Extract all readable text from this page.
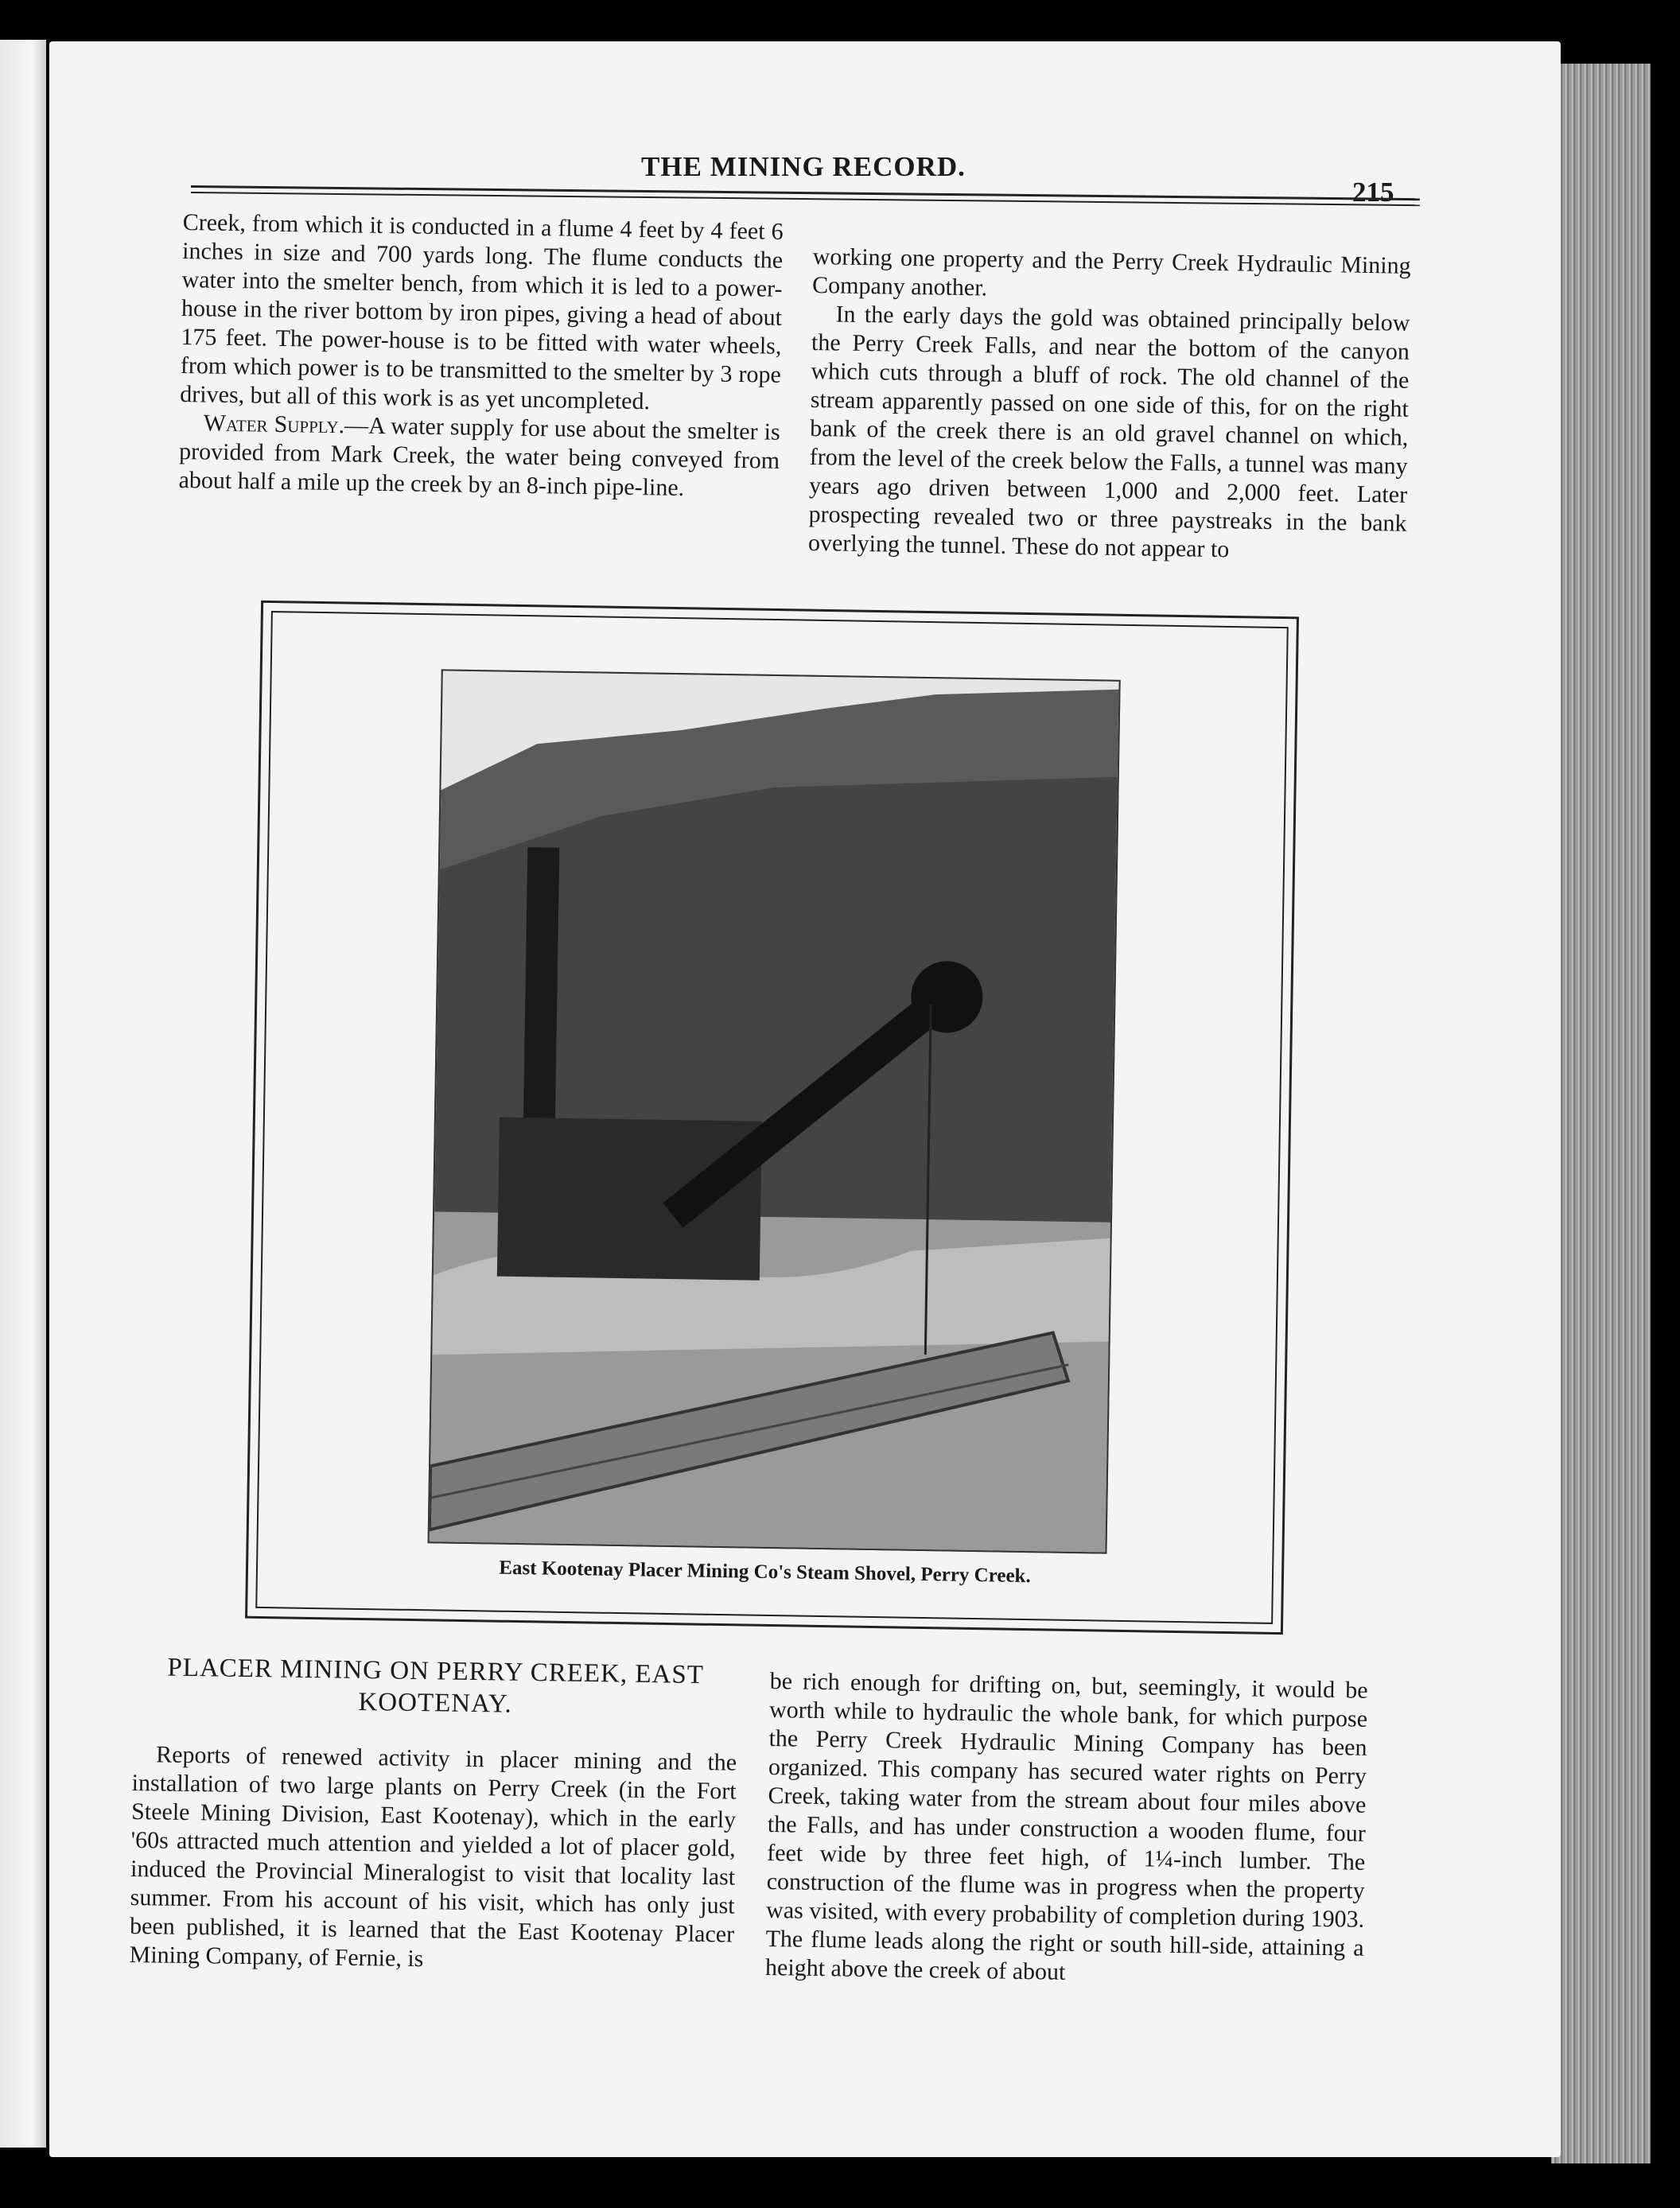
THE MINING RECORD.
215

Creek, from which it is conducted in a flume 4 feet by 4 feet 6 inches in size and 700 yards long. The flume conducts the water into the smelter bench, from which it is led to a power-house in the river bottom by iron pipes, giving a head of about 175 feet. The power-house is to be fitted with water wheels, from which power is to be transmitted to the smelter by 3 rope drives, but all of this work is as yet uncompleted.

Water Supply.—A water supply for use about the smelter is provided from Mark Creek, the water being conveyed from about half a mile up the creek by an 8-inch pipe-line.

working one property and the Perry Creek Hydraulic Mining Company another.

In the early days the gold was obtained principally below the Perry Creek Falls, and near the bottom of the canyon which cuts through a bluff of rock. The old channel of the stream apparently passed on one side of this, for on the right bank of the creek there is an old gravel channel on which, from the level of the creek below the Falls, a tunnel was many years ago driven between 1,000 and 2,000 feet. Later prospecting revealed two or three paystreaks in the bank overlying the tunnel. These do not appear to

East Kootenay Placer Mining Co's Steam Shovel, Perry Creek.
PLACER MINING ON PERRY CREEK, EAST KOOTENAY.

Reports of renewed activity in placer mining and the installation of two large plants on Perry Creek (in the Fort Steele Mining Division, East Kootenay), which in the early '60s attracted much attention and yielded a lot of placer gold, induced the Provincial Mineralogist to visit that locality last summer. From his account of his visit, which has only just been published, it is learned that the East Kootenay Placer Mining Company, of Fernie, is

be rich enough for drifting on, but, seemingly, it would be worth while to hydraulic the whole bank, for which purpose the Perry Creek Hydraulic Mining Company has been organized. This company has secured water rights on Perry Creek, taking water from the stream about four miles above the Falls, and has under construction a wooden flume, four feet wide by three feet high, of 1¼-inch lumber. The construction of the flume was in progress when the property was visited, with every probability of completion during 1903. The flume leads along the right or south hill-side, attaining a height above the creek of about
